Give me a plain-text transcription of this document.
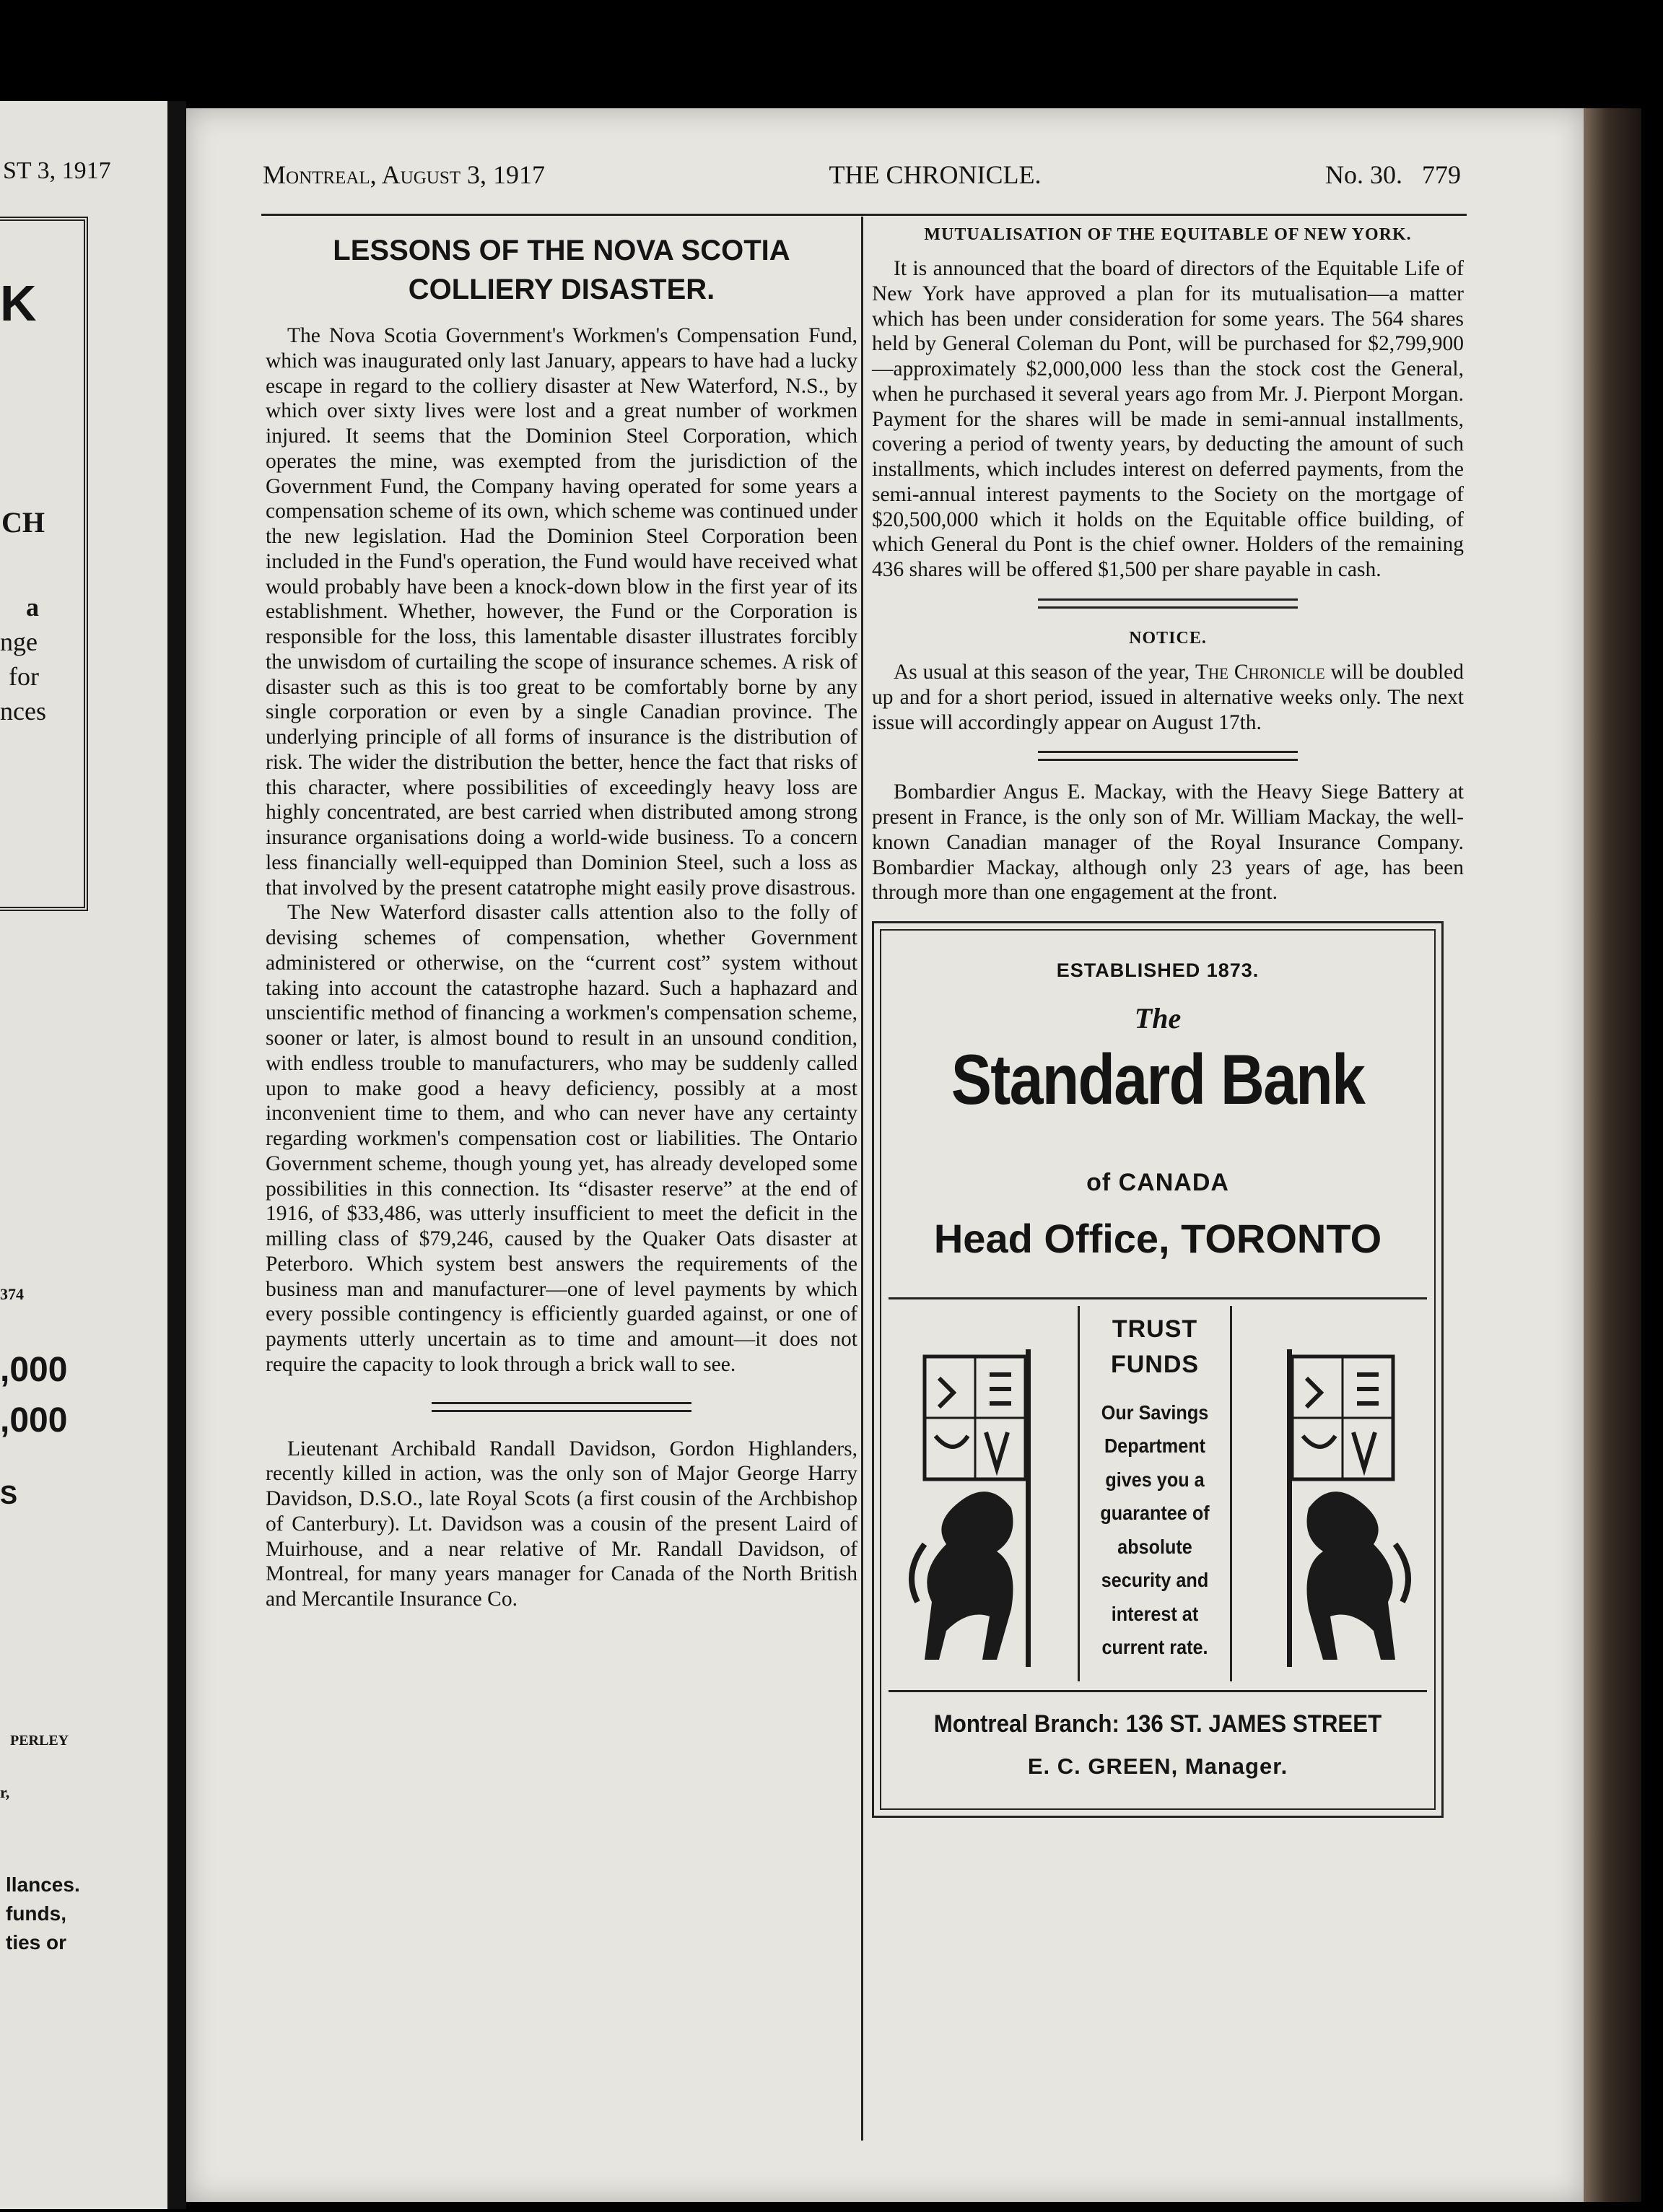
ST 3, 1917
K
CH
a
nge
for
nces
374
,000
,000
S
PERLEY
r,
llances.
funds,
ties or
Montreal, August 3, 1917	THE CHRONICLE.	No. 30.   779
LESSONS OF THE NOVA SCOTIA
COLLIERY DISASTER.

The Nova Scotia Government's Workmen's Compensation Fund, which was inaugurated only last January, appears to have had a lucky escape in regard to the colliery disaster at New Waterford, N.S., by which over sixty lives were lost and a great number of workmen injured. It seems that the Dominion Steel Corporation, which operates the mine, was exempted from the jurisdiction of the Government Fund, the Company having operated for some years a compensation scheme of its own, which scheme was continued under the new legislation. Had the Dominion Steel Corporation been included in the Fund's operation, the Fund would have received what would probably have been a knock-down blow in the first year of its establishment. Whether, however, the Fund or the Corporation is responsible for the loss, this lamentable disaster illustrates forcibly the unwisdom of curtailing the scope of insurance schemes. A risk of disaster such as this is too great to be comfortably borne by any single corporation or even by a single Canadian province. The underlying principle of all forms of insurance is the distribution of risk. The wider the distribution the better, hence the fact that risks of this character, where possibilities of exceedingly heavy loss are highly concentrated, are best carried when distributed among strong insurance organisations doing a world-wide business. To a concern less financially well-equipped than Dominion Steel, such a loss as that involved by the present catatrophe might easily prove disastrous.

The New Waterford disaster calls attention also to the folly of devising schemes of compensation, whether Government administered or otherwise, on the “current cost” system without taking into account the catastrophe hazard. Such a haphazard and unscientific method of financing a workmen's compensation scheme, sooner or later, is almost bound to result in an unsound condition, with endless trouble to manufacturers, who may be suddenly called upon to make good a heavy deficiency, possibly at a most inconvenient time to them, and who can never have any certainty regarding workmen's compensation cost or liabilities. The Ontario Government scheme, though young yet, has already developed some possibilities in this connection. Its “disaster reserve” at the end of 1916, of $33,486, was utterly insufficient to meet the deficit in the milling class of $79,246, caused by the Quaker Oats disaster at Peterboro. Which system best answers the requirements of the business man and manufacturer—one of level payments by which every possible contingency is efficiently guarded against, or one of payments utterly uncertain as to time and amount—it does not require the capacity to look through a brick wall to see.

Lieutenant Archibald Randall Davidson, Gordon Highlanders, recently killed in action, was the only son of Major George Harry Davidson, D.S.O., late Royal Scots (a first cousin of the Archbishop of Canterbury). Lt. Davidson was a cousin of the present Laird of Muirhouse, and a near relative of Mr. Randall Davidson, of Montreal, for many years manager for Canada of the North British and Mercantile Insurance Co.

MUTUALISATION OF THE EQUITABLE OF NEW YORK.

It is announced that the board of directors of the Equitable Life of New York have approved a plan for its mutualisation—a matter which has been under consideration for some years. The 564 shares held by General Coleman du Pont, will be purchased for $2,799,900—approximately $2,000,000 less than the stock cost the General, when he purchased it several years ago from Mr. J. Pierpont Morgan. Payment for the shares will be made in semi-annual installments, covering a period of twenty years, by deducting the amount of such installments, which includes interest on deferred payments, from the semi-annual interest payments to the Society on the mortgage of $20,500,000 which it holds on the Equitable office building, of which General du Pont is the chief owner. Holders of the remaining 436 shares will be offered $1,500 per share payable in cash.

NOTICE.

As usual at this season of the year, The Chronicle will be doubled up and for a short period, issued in alternative weeks only. The next issue will accordingly appear on August 17th.

Bombardier Angus E. Mackay, with the Heavy Siege Battery at present in France, is the only son of Mr. William Mackay, the well-known Canadian manager of the Royal Insurance Company. Bombardier Mackay, although only 23 years of age, has been through more than one engagement at the front.

ESTABLISHED 1873.
The
Standard Bank
of CANADA
Head Office, TORONTO
TRUST
FUNDS
Our Savings
Department
gives you a
guarantee of
absolute
security and
interest at
current rate.
Montreal Branch: 136 ST. JAMES STREET
E. C. GREEN, Manager.
